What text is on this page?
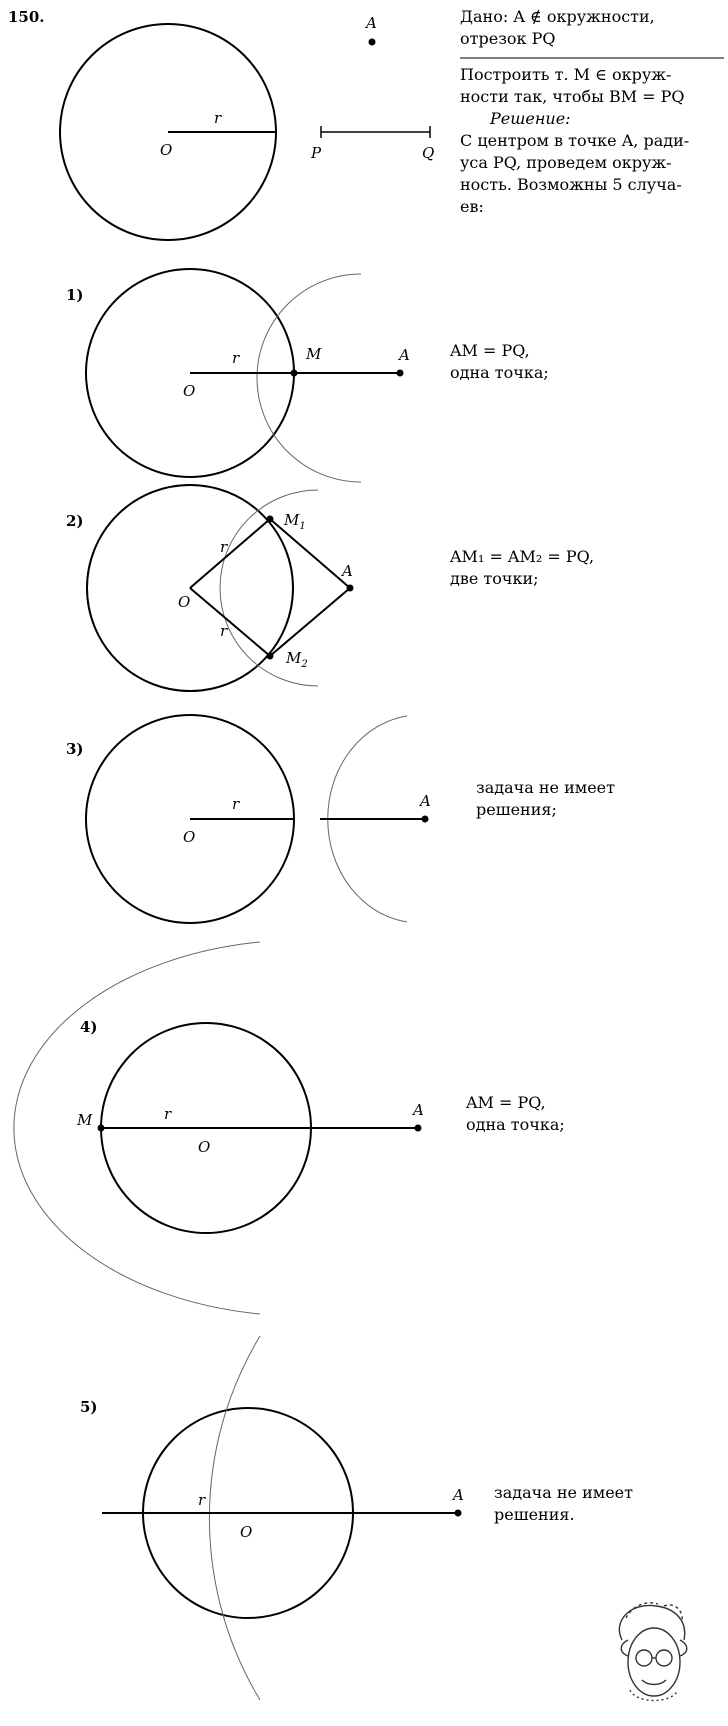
150.
r
O
A
P	Q
Дано: A ∉ окружности,
отрезок PQ
Построить т. M ∈ окруж-
ности так, чтобы BM = PQ
Решение:
С центром в точке A, ради-
уса PQ, проведем окруж-
ность. Возможны 5 случа-
ев:
1)
r
O
M	A	AM = PQ,
одна точка;
2)
r
r
O
$M_1$
$M_2$
A
AM₁ = AM₂ = PQ,
две точки;
3)
r
O
A
задача не имеет
решения;
4)
M	r
O
A	AM = PQ,
одна точка;
5)
r
O
A задача не имеет
решения.
